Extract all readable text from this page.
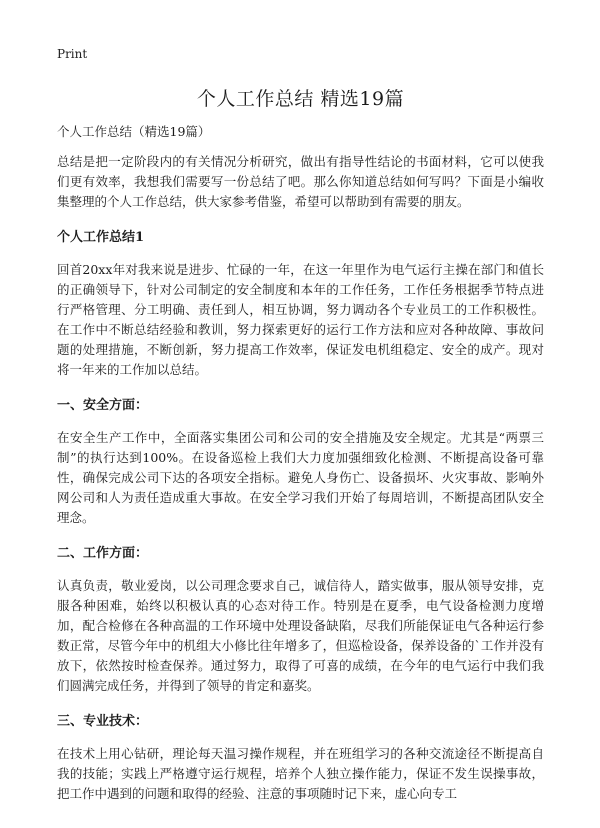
Print
个人工作总结 精选19篇
个人工作总结（精选19篇）

总结是把一定阶段内的有关情况分析研究，做出有指导性结论的书面材料，它可以使我们更有效率，我想我们需要写一份总结了吧。那么你知道总结如何写吗？下面是小编收集整理的个人工作总结，供大家参考借鉴，希望可以帮助到有需要的朋友。

个人工作总结1

回首20xx年对我来说是进步、忙碌的一年，在这一年里作为电气运行主操在部门和值长的正确领导下，针对公司制定的安全制度和本年的工作任务，工作任务根据季节特点进行严格管理、分工明确、责任到人，相互协调，努力调动各个专业员工的工作积极性。在工作中不断总结经验和教训，努力探索更好的运行工作方法和应对各种故障、事故问题的处理措施，不断创新，努力提高工作效率，保证发电机组稳定、安全的成产。现对将一年来的工作加以总结。

一、安全方面：

在安全生产工作中，全面落实集团公司和公司的安全措施及安全规定。尤其是“两票三制”的执行达到100%。在设备巡检上我们大力度加强细致化检测、不断提高设备可靠性，确保完成公司下达的各项安全指标。避免人身伤亡、设备损坏、火灾事故、影响外网公司和人为责任造成重大事故。在安全学习我们开始了每周培训，不断提高团队安全理念。

二、工作方面：

认真负责，敬业爱岗，以公司理念要求自己，诚信待人，踏实做事，服从领导安排，克服各种困难，始终以积极认真的心态对待工作。特别是在夏季，电气设备检测力度增加，配合检修在各种高温的工作环境中处理设备缺陷，尽我们所能保证电气各种运行参数正常，尽管今年中的机组大小修比往年增多了，但巡检设备，保养设备的`工作并没有放下，依然按时检查保养。通过努力，取得了可喜的成绩，在今年的电气运行中我们我们圆满完成任务，并得到了领导的肯定和嘉奖。

三、专业技术：

在技术上用心钻研，理论每天温习操作规程，并在班组学习的各种交流途径不断提高自我的技能；实践上严格遵守运行规程，培养个人独立操作能力，保证不发生误操事故，把工作中遇到的问题和取得的经验、注意的事项随时记下来，虚心向专工
